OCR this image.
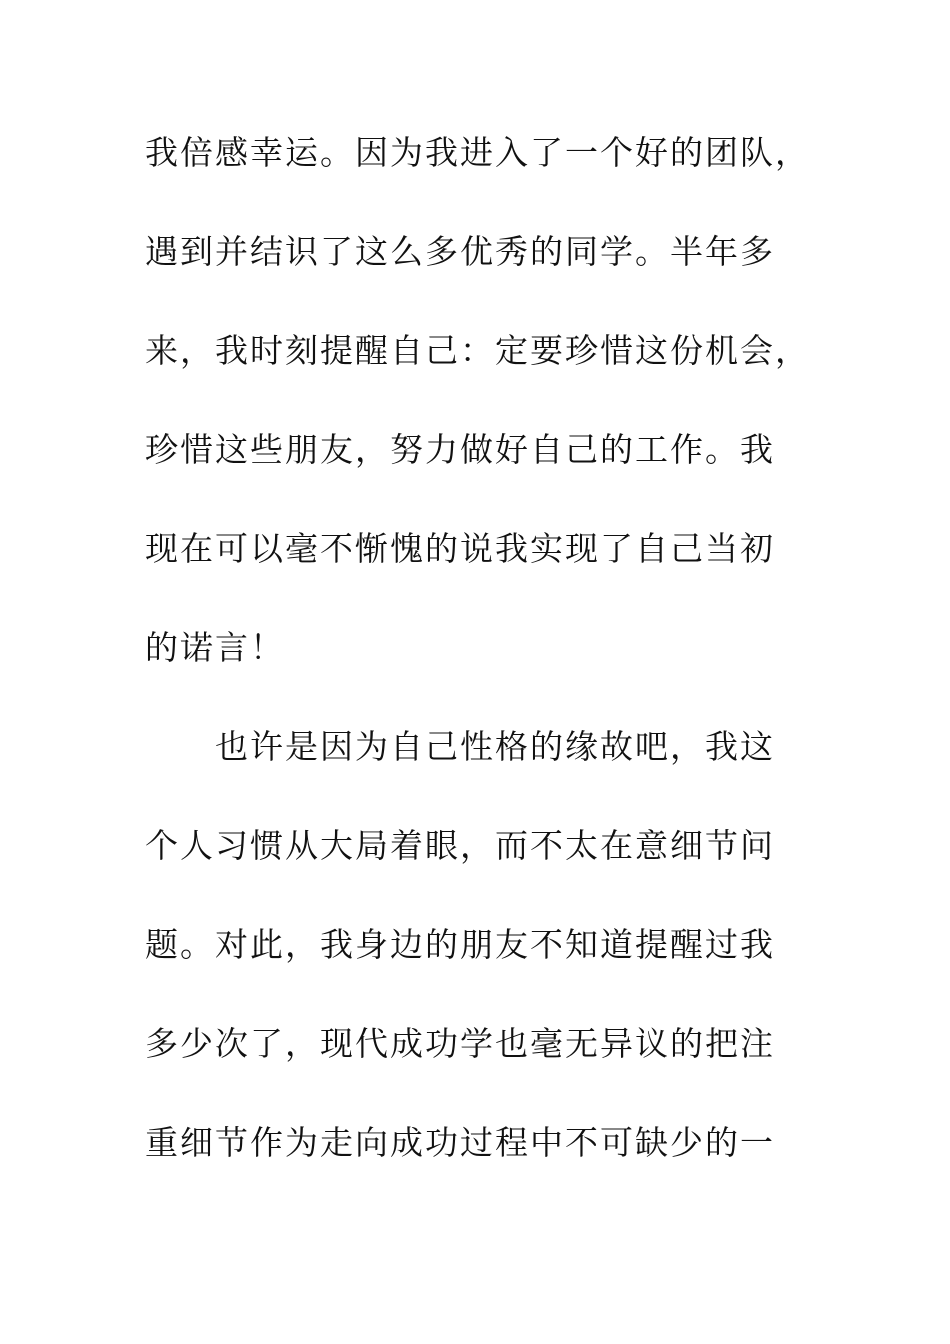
我倍感幸运。因为我进入了一个好的团队，
遇到并结识了这么多优秀的同学。半年多
来，我时刻提醒自己：定要珍惜这份机会，
珍惜这些朋友，努力做好自己的工作。我
现在可以毫不惭愧的说我实现了自己当初
的诺言！
　　也许是因为自己性格的缘故吧，我这
个人习惯从大局着眼，而不太在意细节问
题。对此，我身边的朋友不知道提醒过我
多少次了，现代成功学也毫无异议的把注
重细节作为走向成功过程中不可缺少的一
